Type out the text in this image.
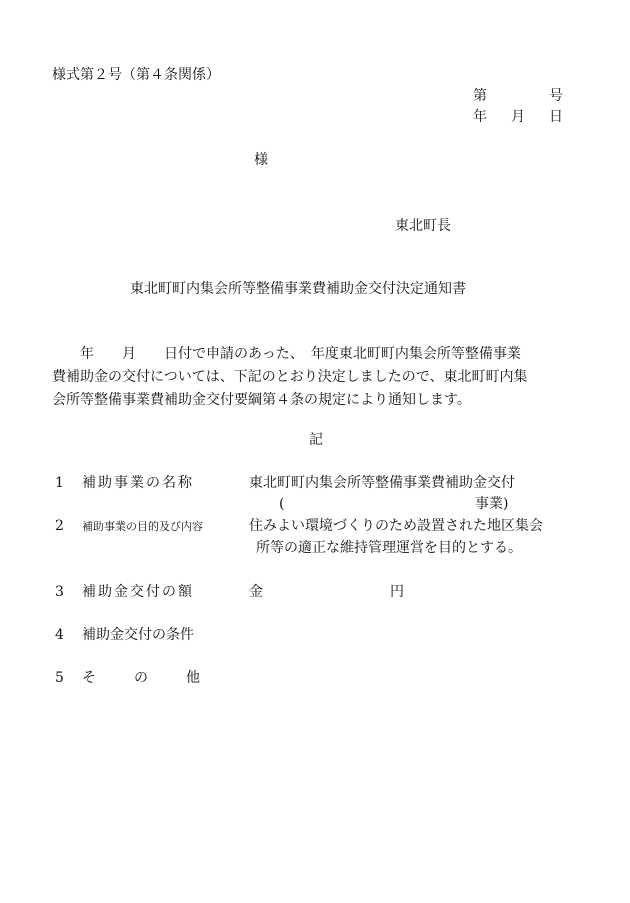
様式第２号（第４条関係）
第	号
年 月 日
様
東北町長
東北町町内集会所等整備事業費補助金交付決定通知書
年　　月　　日付で申請のあった、　年度東北町町内集会所等整備事業
費補助金の交付については、下記のとおり決定しましたので、東北町町内集
会所等整備事業費補助金交付要綱第４条の規定により通知します。
記
1 補助事業の名称	東北町町内集会所等整備事業費補助金交付
(	事業)
2 補助事業の目的及び内容	住みよい環境づくりのため設置された地区集会
所等の適正な維持管理運営を目的とする。
3 補助金交付の額	金	円
4 補助金交付の条件
5 そ	の	他
